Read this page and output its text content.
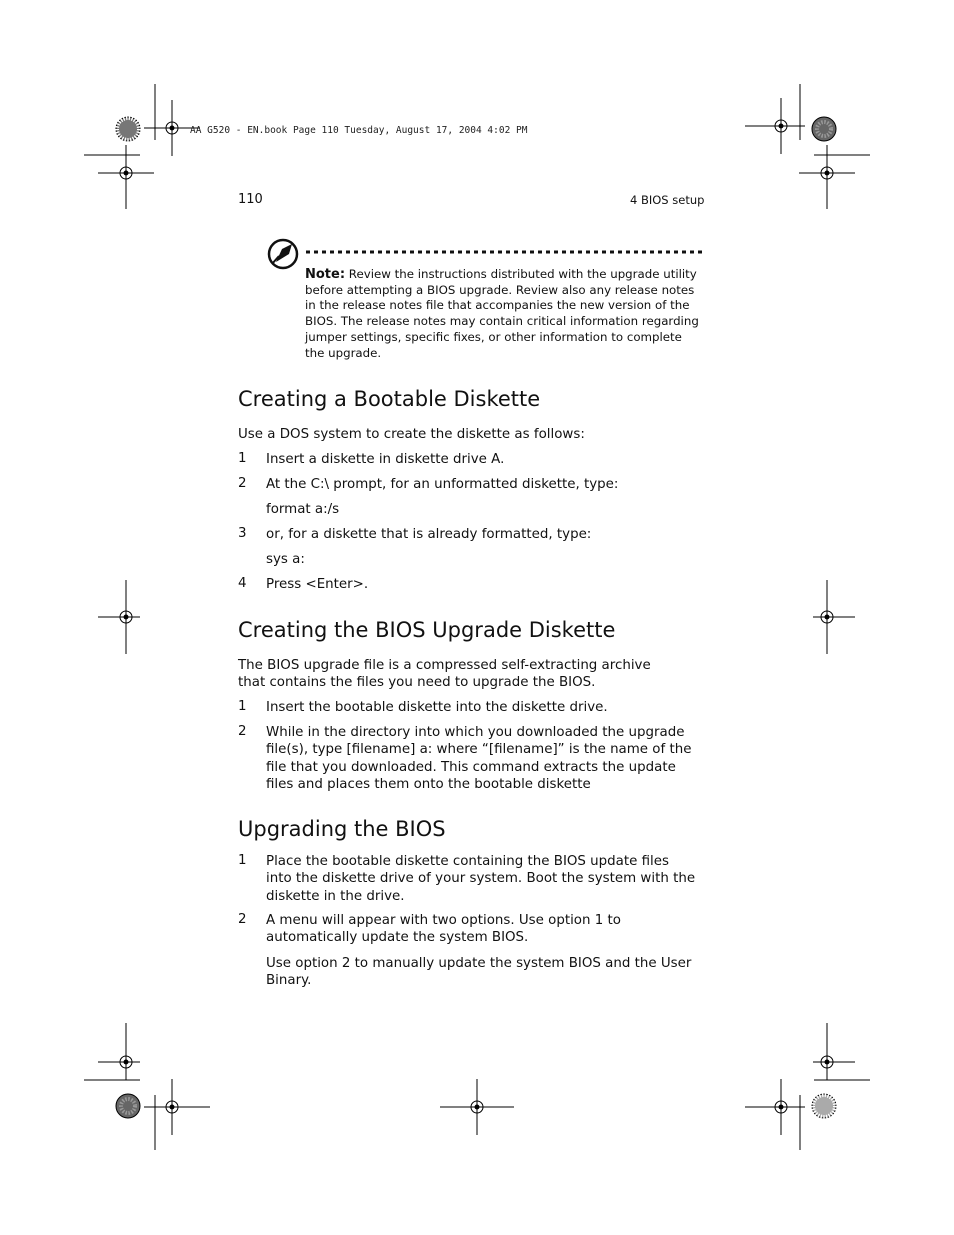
AA G520 - EN.book Page 110 Tuesday, August 17, 2004 4:02 PM
110	4 BIOS setup
Note: Review the instructions distributed with the upgrade utility before attempting a BIOS upgrade. Review also any release notes in the release notes file that accompanies the new version of the BIOS. The release notes may contain critical information regarding jumper settings, specific fixes, or other information to complete the upgrade.
Creating a Bootable Diskette
Use a DOS system to create the diskette as follows:
1 Insert a diskette in diskette drive A.
2 At the C:\ prompt, for an unformatted diskette, type:
format a:/s
3 or, for a diskette that is already formatted, type:
sys a:
4 Press <Enter>.
Creating the BIOS Upgrade Diskette
The BIOS upgrade file is a compressed self-extracting archive that contains the files you need to upgrade the BIOS.
1 Insert the bootable diskette into the diskette drive.
2 While in the directory into which you downloaded the upgrade file(s), type [filename] a: where “[filename]” is the name of the file that you downloaded. This command extracts the update files and places them onto the bootable diskette
Upgrading the BIOS
1 Place the bootable diskette containing the BIOS update files into the diskette drive of your system. Boot the system with the diskette in the drive.
2 A menu will appear with two options. Use option 1 to automatically update the system BIOS.
Use option 2 to manually update the system BIOS and the User Binary.
